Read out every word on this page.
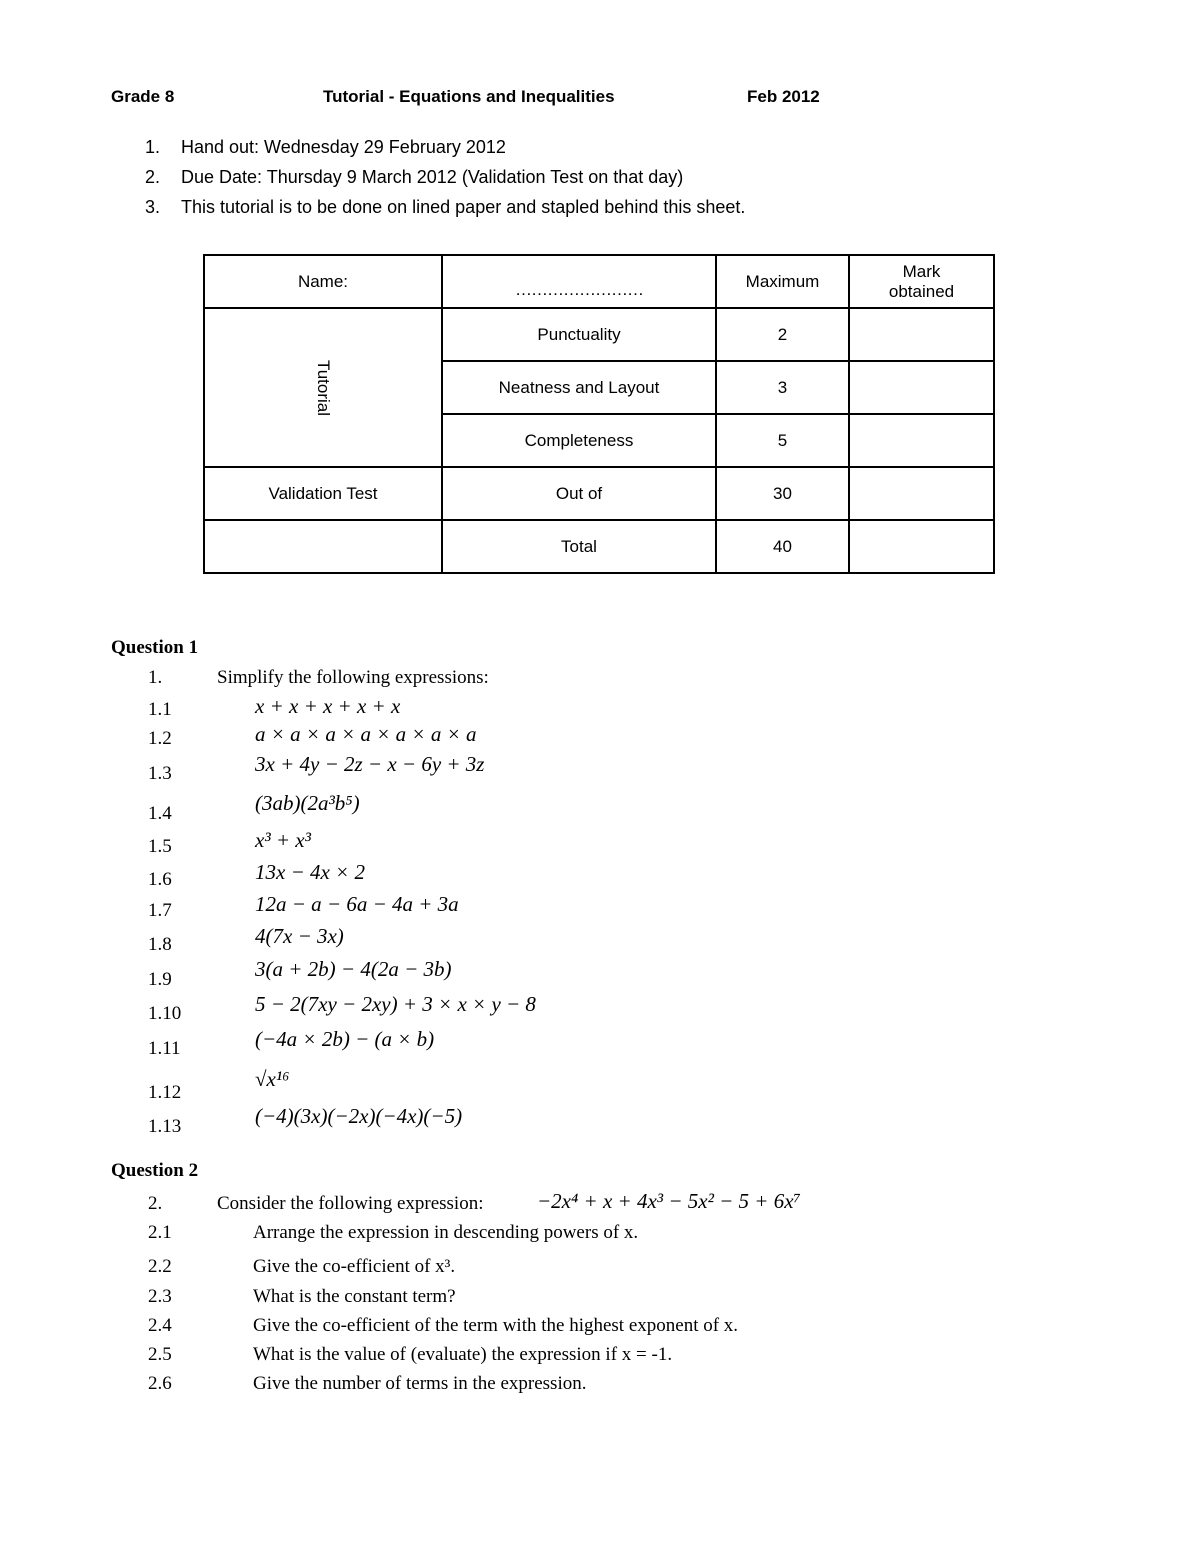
Grade 8	Tutorial - Equations and Inequalities	Feb 2012
1. Hand out: Wednesday 29 February 2012
2. Due Date: Thursday 9 March 2012 (Validation Test on that day)
3. This tutorial is to be done on lined paper and stapled behind this sheet.
Name:	……………………	Maximum	Mark
obtained

Tutorial	Punctuality	2	
	Neatness and Layout	3	
	Completeness	5	
Validation Test	Out of	30	
	Total	40	
Question 1
1.	Simplify the following expressions:
1.1	x + x + x + x + x
1.2	a × a × a × a × a × a × a
1.3	3x + 4y − 2z − x − 6y + 3z
1.4	(3ab)(2a³b⁵)
1.5	x³ + x³
1.6	13x − 4x × 2
1.7	12a − a − 6a − 4a + 3a
1.8	4(7x − 3x)
1.9	3(a + 2b) − 4(2a − 3b)
1.10	5 − 2(7xy − 2xy) + 3 × x × y − 8
1.11	(−4a × 2b) − (a × b)
1.12
√x¹⁶
1.13	(−4)(3x)(−2x)(−4x)(−5)
Question 2
2.	Consider the following expression:	−2x⁴ + x + 4x³ − 5x² − 5 + 6x⁷
2.1	Arrange the expression in descending powers of x.
2.2	Give the co-efficient of x³.
2.3	What is the constant term?
2.4	Give the co-efficient of the term with the highest exponent of x.
2.5	What is the value of (evaluate) the expression if x = -1.
2.6	Give the number of terms in the expression.
